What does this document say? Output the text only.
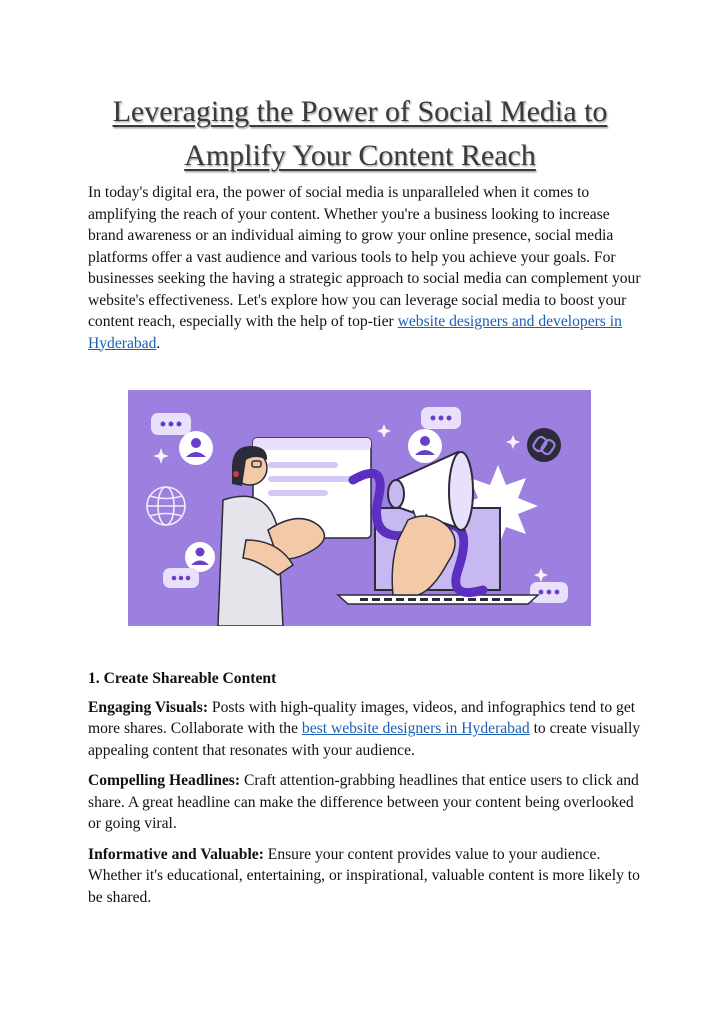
Leveraging the Power of Social Media to
Amplify Your Content Reach

In today's digital era, the power of social media is unparalleled when it comes to amplifying the reach of your content. Whether you're a business looking to increase brand awareness or an individual aiming to grow your online presence, social media platforms offer a vast audience and various tools to help you achieve your goals. For businesses seeking the having a strategic approach to social media can complement your website's effectiveness. Let's explore how you can leverage social media to boost your content reach, especially with the help of top-tier website designers and developers in Hyderabad.

1. Create Shareable Content

Engaging Visuals: Posts with high-quality images, videos, and infographics tend to get more shares. Collaborate with the best website designers in Hyderabad to create visually appealing content that resonates with your audience.

Compelling Headlines: Craft attention-grabbing headlines that entice users to click and share. A great headline can make the difference between your content being overlooked or going viral.

Informative and Valuable: Ensure your content provides value to your audience. Whether it's educational, entertaining, or inspirational, valuable content is more likely to be shared.
